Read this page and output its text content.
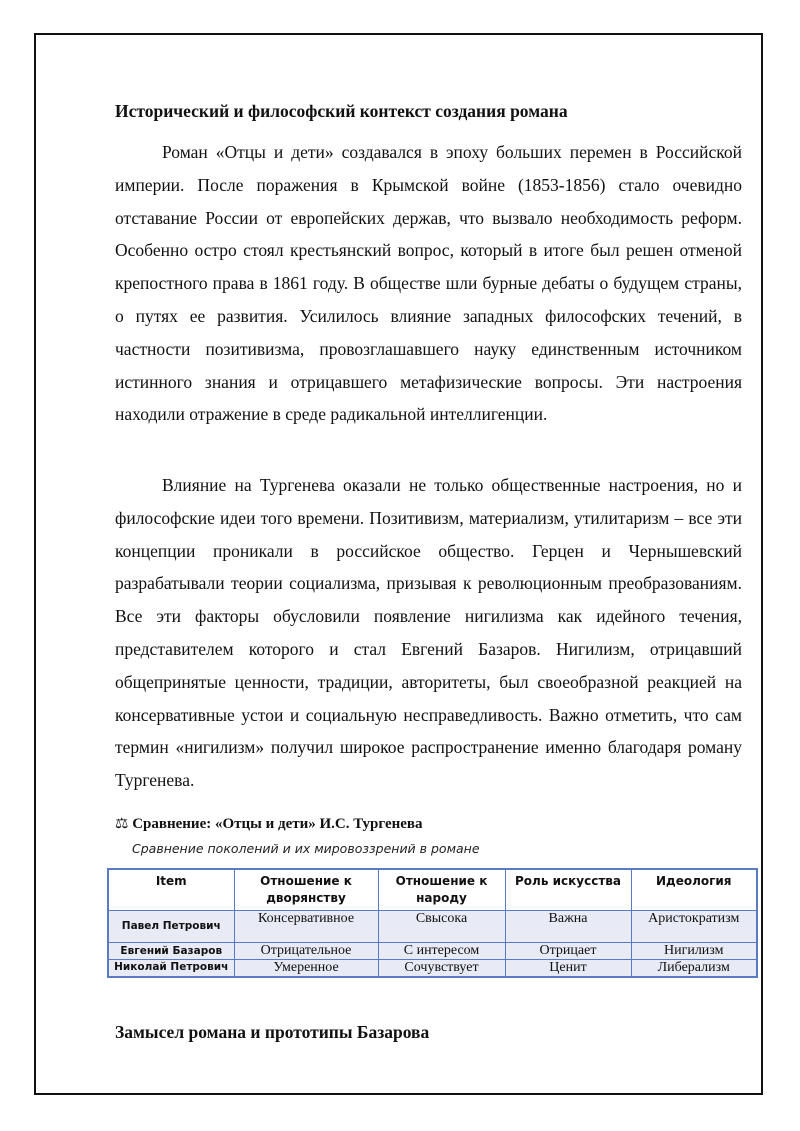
Исторический и философский контекст создания романа

Роман «Отцы и дети» создавался в эпоху больших перемен в Российской империи. После поражения в Крымской войне (1853-1856) стало очевидно отставание России от европейских держав, что вызвало необходимость реформ. Особенно остро стоял крестьянский вопрос, который в итоге был решен отменой крепостного права в 1861 году. В обществе шли бурные дебаты о будущем страны, о путях ее развития. Усилилось влияние западных философских течений, в частности позитивизма, провозглашавшего науку единственным источником истинного знания и отрицавшего метафизические вопросы. Эти настроения находили отражение в среде радикальной интеллигенции.

Влияние на Тургенева оказали не только общественные настроения, но и философские идеи того времени. Позитивизм, материализм, утилитаризм – все эти концепции проникали в российское общество. Герцен и Чернышевский разрабатывали теории социализма, призывая к революционным преобразованиям. Все эти факторы обусловили появление нигилизма как идейного течения, представителем которого и стал Евгений Базаров. Нигилизм, отрицавший общепринятые ценности, традиции, авторитеты, был своеобразной реакцией на консервативные устои и социальную несправедливость. Важно отметить, что сам термин «нигилизм» получил широкое распространение именно благодаря роману Тургенева.

⚖ Сравнение: «Отцы и дети» И.С. Тургенева
Сравнение поколений и их мировоззрений в романе
Item	Отношение к дворянству	Отношение к народу	Роль искусства	Идеология
Павел Петрович	Консервативное	Свысока	Важна	Аристократизм
Евгений Базаров	Отрицательное	С интересом	Отрицает	Нигилизм
Николай Петрович	Умеренное	Сочувствует	Ценит	Либерализм
Замысел романа и прототипы Базарова
